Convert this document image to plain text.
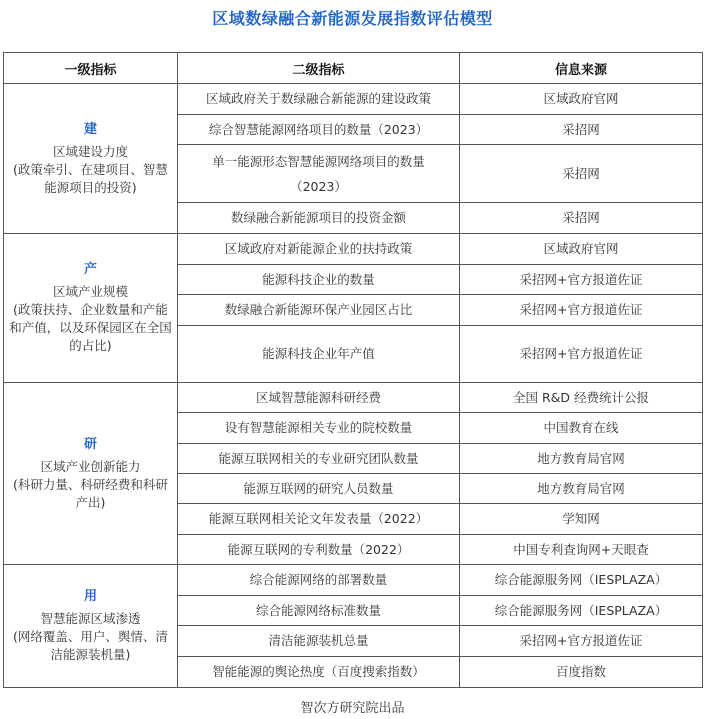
区域数绿融合新能源发展指数评估模型
一级指标	二级指标	信息来源

建
区域建设力度
(政策牵引、在建项目、智慧能源项目的投资)	区域政府关于数绿融合新能源的建设政策	区域政府官网
	综合智慧能源网络项目的数量（2023）	采招网
	单一能源形态智慧能源网络项目的数量（2023）	采招网
	数绿融合新能源项目的投资金额	采招网

产
区域产业规模
(政策扶持、企业数量和产能和产值，以及环保园区在全国的占比)	区域政府对新能源企业的扶持政策	区域政府官网
	能源科技企业的数量	采招网+官方报道佐证
	数绿融合新能源环保产业园区占比	采招网+官方报道佐证
	能源科技企业年产值	采招网+官方报道佐证

研
区域产业创新能力
(科研力量、科研经费和科研产出)	区域智慧能源科研经费	全国 R&D 经费统计公报
	设有智慧能源相关专业的院校数量	中国教育在线
	能源互联网相关的专业研究团队数量	地方教育局官网
	能源互联网的研究人员数量	地方教育局官网
	能源互联网相关论文年发表量（2022）	学知网
	能源互联网的专利数量（2022）	中国专利查询网+天眼查

用
智慧能源区域渗透
(网络覆盖、用户、舆情、清洁能源装机量)	综合能源网络的部署数量	综合能源服务网（IESPLAZA）
	综合能源网络标准数量	综合能源服务网（IESPLAZA）
	清洁能源装机总量	采招网+官方报道佐证
	智能能源的舆论热度（百度搜索指数）	百度指数
智次方研究院出品
